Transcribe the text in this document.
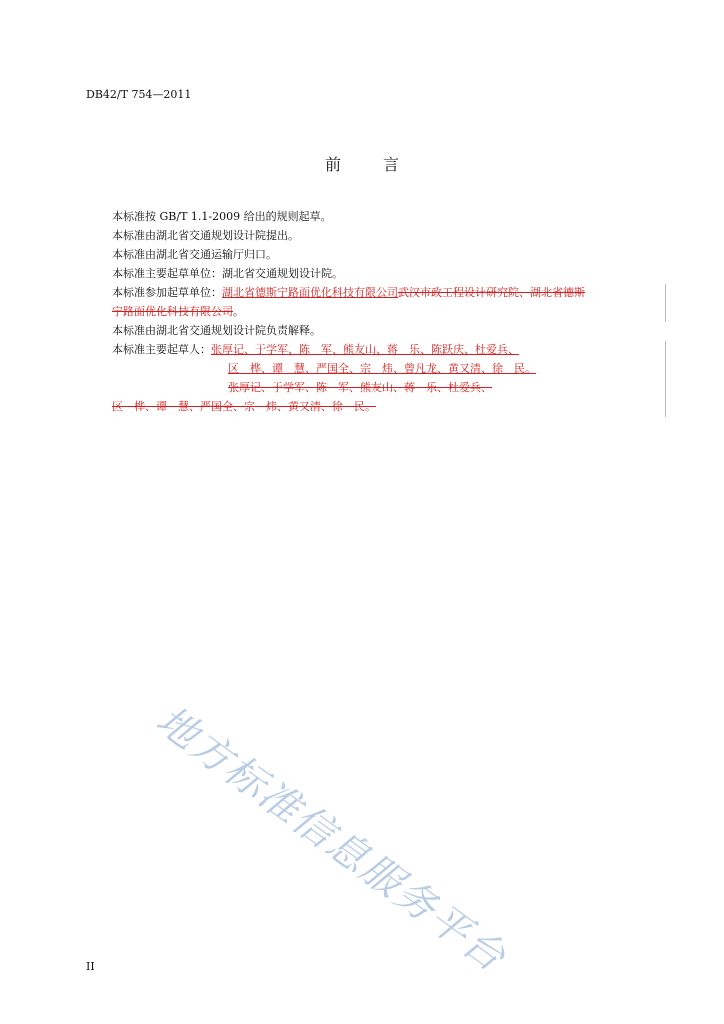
DB42/T 754—2011
前	言
本标准按 GB/T 1.1-2009 给出的规则起草。
本标准由湖北省交通规划设计院提出。
本标准由湖北省交通运输厅归口。
本标准主要起草单位：湖北省交通规划设计院。
本标准参加起草单位：湖北省德斯宁路面优化科技有限公司武汉市政工程设计研究院、湖北省德斯
宁路面优化科技有限公司。
本标准由湖北省交通规划设计院负责解释。
本标准主要起草人：张厚记、于学军、陈　军、熊友山、蒋　乐、陈跃庆、杜爱兵、
区　桦、谭　慧、严国全、宗　炜、曾凡龙、黄又清、徐　民。
张厚记、于学军、陈　军、熊友山、蒋　乐、杜爱兵、
区　桦、谭　慧、严国全、宗　炜、黄又清、徐　民。
地方标准信息服务平台
II
